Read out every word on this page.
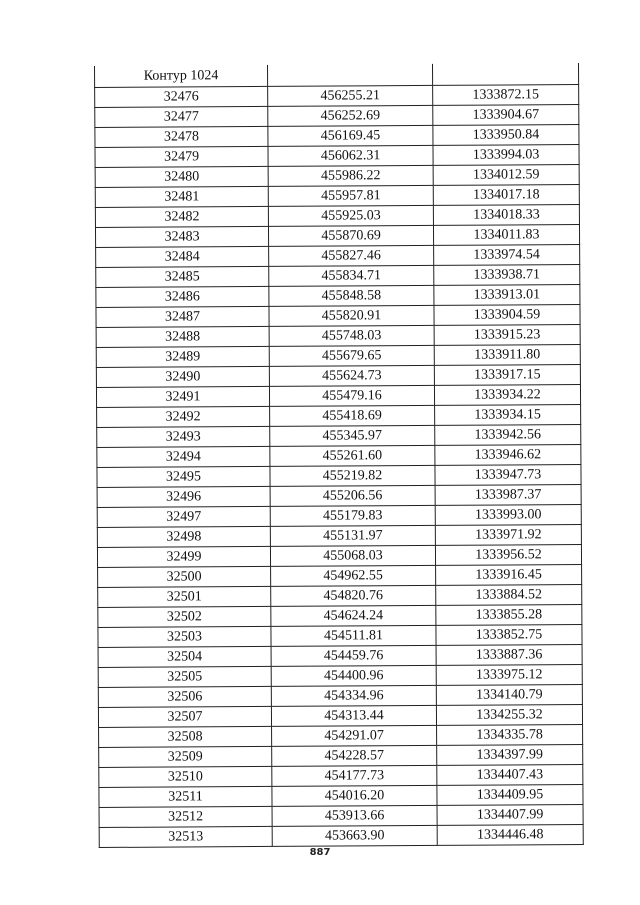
Контур 1024		
32476	456255.21	1333872.15
32477	456252.69	1333904.67
32478	456169.45	1333950.84
32479	456062.31	1333994.03
32480	455986.22	1334012.59
32481	455957.81	1334017.18
32482	455925.03	1334018.33
32483	455870.69	1334011.83
32484	455827.46	1333974.54
32485	455834.71	1333938.71
32486	455848.58	1333913.01
32487	455820.91	1333904.59
32488	455748.03	1333915.23
32489	455679.65	1333911.80
32490	455624.73	1333917.15
32491	455479.16	1333934.22
32492	455418.69	1333934.15
32493	455345.97	1333942.56
32494	455261.60	1333946.62
32495	455219.82	1333947.73
32496	455206.56	1333987.37
32497	455179.83	1333993.00
32498	455131.97	1333971.92
32499	455068.03	1333956.52
32500	454962.55	1333916.45
32501	454820.76	1333884.52
32502	454624.24	1333855.28
32503	454511.81	1333852.75
32504	454459.76	1333887.36
32505	454400.96	1333975.12
32506	454334.96	1334140.79
32507	454313.44	1334255.32
32508	454291.07	1334335.78
32509	454228.57	1334397.99
32510	454177.73	1334407.43
32511	454016.20	1334409.95
32512	453913.66	1334407.99
32513	453663.90	1334446.48
887
